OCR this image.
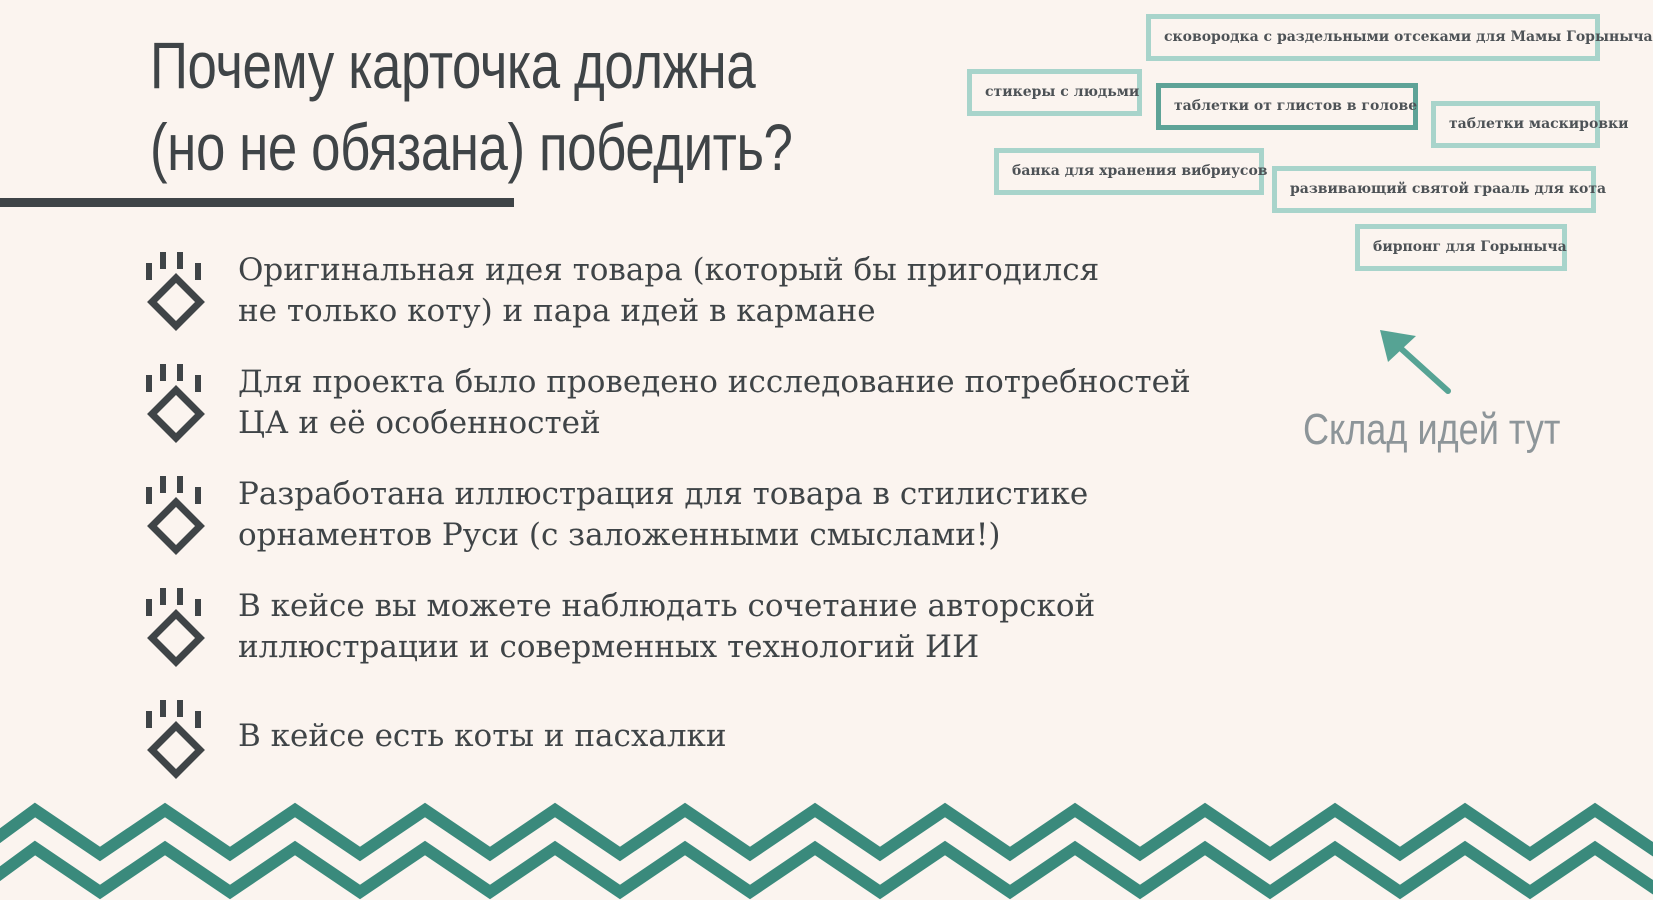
Почему карточка должна
(но не обязана) победить?
Оригинальная идея товара (который бы пригодился
не только коту) и пара идей в кармане
Для проекта было проведено исследование потребностей
ЦА и её особенностей
Разработана иллюстрация для товара в стилистике
орнаментов Руси (с заложенными смыслами!)
В кейсе вы можете наблюдать сочетание авторской
иллюстрации и соверменных технологий ИИ
В кейсе есть коты и пасхалки
сковородка с раздельными отсеками для Мамы Горыныча
стикеры с людьми
таблетки от глистов в голове
таблетки маскировки
банка для хранения вибриусов
развивающий святой грааль для кота
бирпонг для Горыныча

Склад идей тут
